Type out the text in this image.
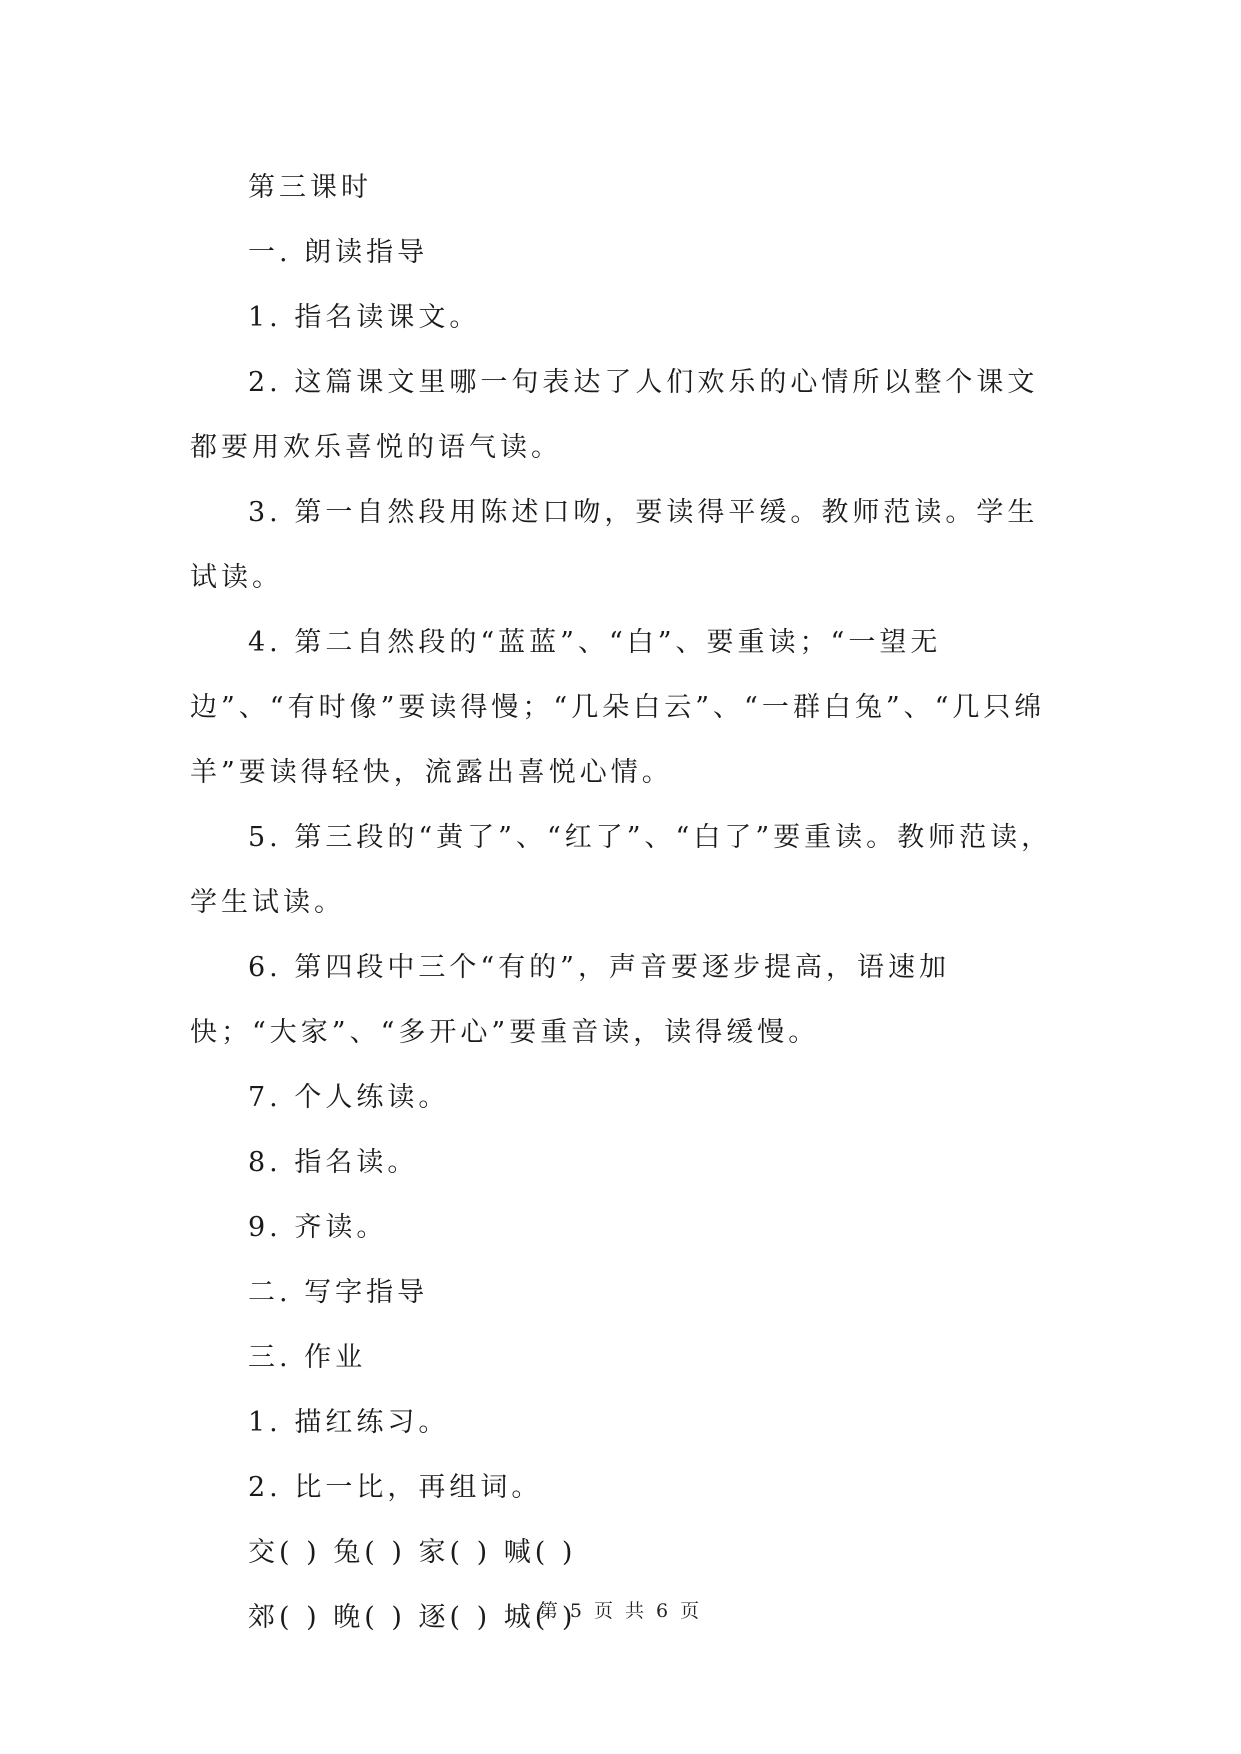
第三课时

一. 朗读指导

1. 指名读课文。

2. 这篇课文里哪一句表达了人们欢乐的心情所以整个课文都要用欢乐喜悦的语气读。

3. 第一自然段用陈述口吻，要读得平缓。教师范读。学生试读。

4. 第二自然段的“蓝蓝”、“白”、要重读；“一望无边”、“有时像”要读得慢；“几朵白云”、“一群白兔”、“几只绵羊”要读得轻快，流露出喜悦心情。

5. 第三段的“黄了”、“红了”、“白了”要重读。教师范读，学生试读。

6. 第四段中三个“有的”，声音要逐步提高，语速加快；“大家”、“多开心”要重音读，读得缓慢。

7. 个人练读。

8. 指名读。

9. 齐读。

二. 写字指导

三. 作业

1. 描红练习。

2. 比一比，再组词。

交( ) 兔( ) 家( ) 喊( )

郊( ) 晚( ) 逐( ) 城( )

第 5 页 共 6 页
